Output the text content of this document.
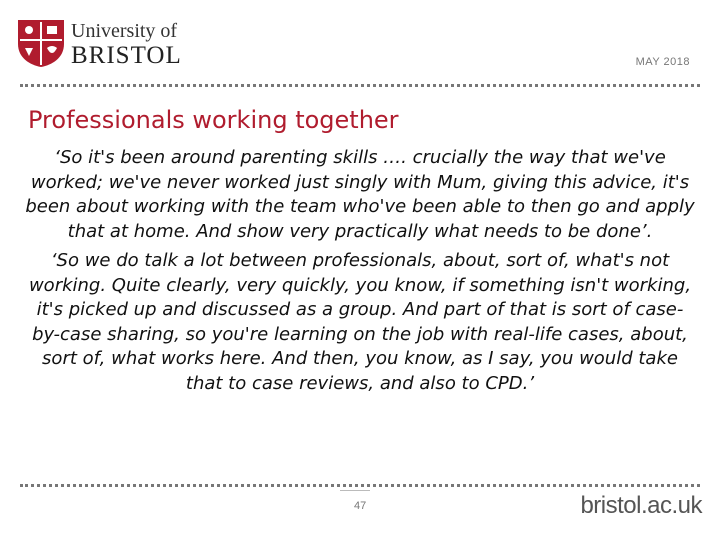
University of
BRISTOL	MAY 2018
Professionals working together

‘So it's been around parenting skills …. crucially the way that we've worked; we've never worked just singly with Mum, giving this advice, it's been about working with the team who've been able to then go and apply that at home. And show very practically what needs to be done’.

‘So we do talk a lot between professionals, about, sort of, what's not working. Quite clearly, very quickly, you know, if something isn't working, it's picked up and discussed as a group. And part of that is sort of case-by-case sharing, so you're learning on the job with real-life cases, about, sort of, what works here. And then, you know, as I say, you would take that to case reviews, and also to CPD.’

47	bristol.ac.uk
